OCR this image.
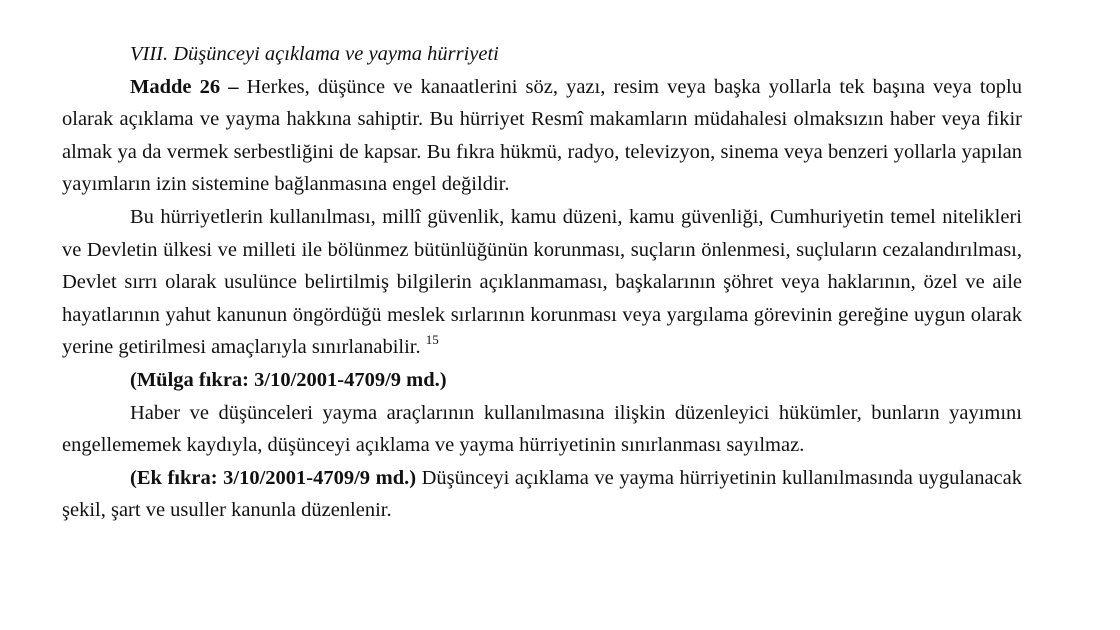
VIII. Düşünceyi açıklama ve yayma hürriyeti

Madde 26 – Herkes, düşünce ve kanaatlerini söz, yazı, resim veya başka yollarla tek başına veya toplu olarak açıklama ve yayma hakkına sahiptir. Bu hürriyet Resmî makamların müdahalesi olmaksızın haber veya fikir almak ya da vermek serbestliğini de kapsar. Bu fıkra hükmü, radyo, televizyon, sinema veya benzeri yollarla yapılan yayımların izin sistemine bağlanmasına engel değildir.

Bu hürriyetlerin kullanılması, millî güvenlik, kamu düzeni, kamu güvenliği, Cumhuriyetin temel nitelikleri ve Devletin ülkesi ve milleti ile bölünmez bütünlüğünün korunması, suçların önlenmesi, suçluların cezalandırılması, Devlet sırrı olarak usulünce belirtilmiş bilgilerin açıklanmaması, başkalarının şöhret veya haklarının, özel ve aile hayatlarının yahut kanunun öngördüğü meslek sırlarının korunması veya yargılama görevinin gereğine uygun olarak yerine getirilmesi amaçlarıyla sınırlanabilir. $^{15}$

(Mülga fıkra: 3/10/2001-4709/9 md.)

Haber ve düşünceleri yayma araçlarının kullanılmasına ilişkin düzenleyici hükümler, bunların yayımını engellememek kaydıyla, düşünceyi açıklama ve yayma hürriyetinin sınırlanması sayılmaz.

(Ek fıkra: 3/10/2001-4709/9 md.) Düşünceyi açıklama ve yayma hürriyetinin kullanılmasında uygulanacak şekil, şart ve usuller kanunla düzenlenir.
